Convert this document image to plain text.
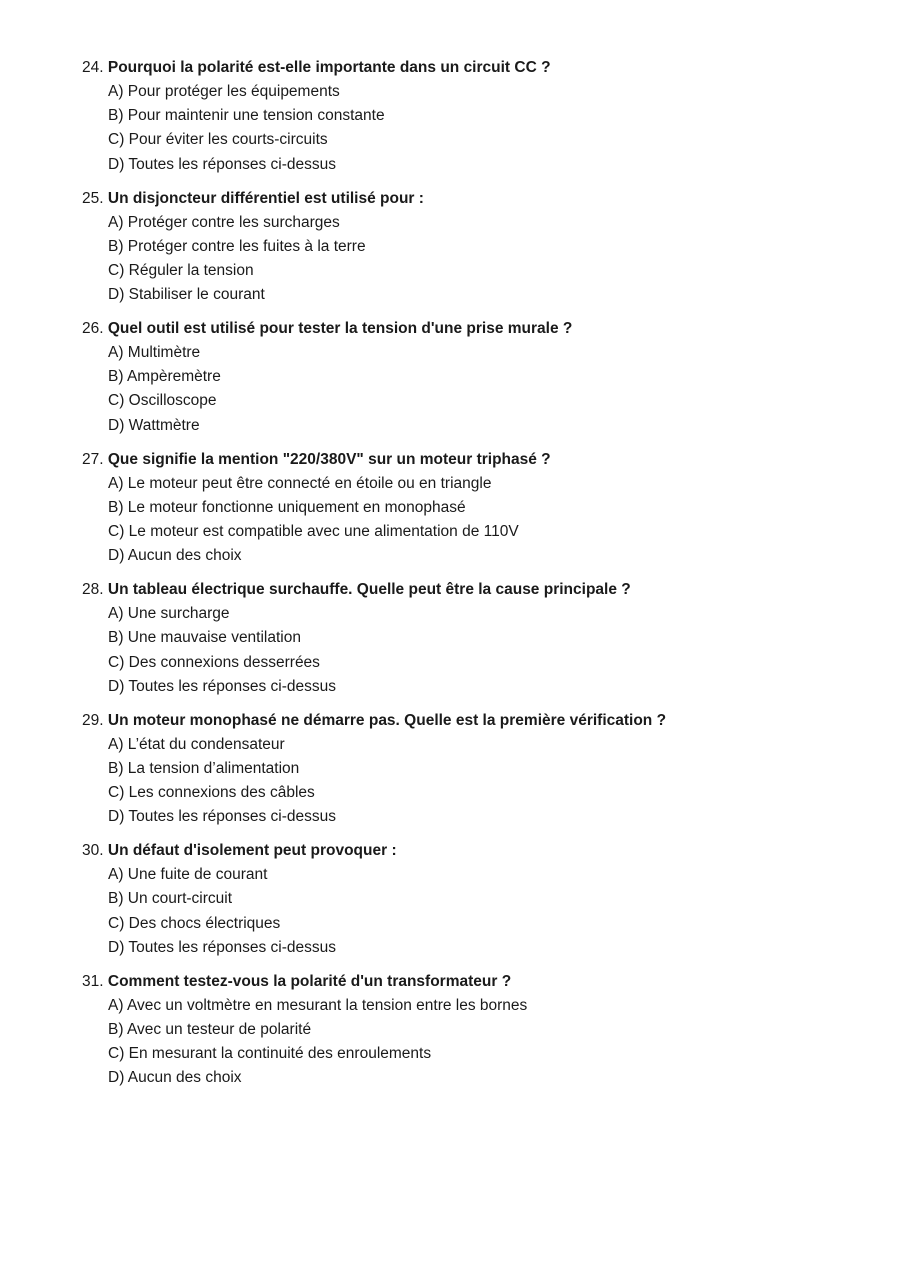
24. Pourquoi la polarité est-elle importante dans un circuit CC ?
A) Pour protéger les équipements
B) Pour maintenir une tension constante
C) Pour éviter les courts-circuits
D) Toutes les réponses ci-dessus
25. Un disjoncteur différentiel est utilisé pour :
A) Protéger contre les surcharges
B) Protéger contre les fuites à la terre
C) Réguler la tension
D) Stabiliser le courant
26. Quel outil est utilisé pour tester la tension d'une prise murale ?
A) Multimètre
B) Ampèremètre
C) Oscilloscope
D) Wattmètre
27. Que signifie la mention "220/380V" sur un moteur triphasé ?
A) Le moteur peut être connecté en étoile ou en triangle
B) Le moteur fonctionne uniquement en monophasé
C) Le moteur est compatible avec une alimentation de 110V
D) Aucun des choix
28. Un tableau électrique surchauffe. Quelle peut être la cause principale ?
A) Une surcharge
B) Une mauvaise ventilation
C) Des connexions desserrées
D) Toutes les réponses ci-dessus
29. Un moteur monophasé ne démarre pas. Quelle est la première vérification ?
A) L’état du condensateur
B) La tension d’alimentation
C) Les connexions des câbles
D) Toutes les réponses ci-dessus
30. Un défaut d'isolement peut provoquer :
A) Une fuite de courant
B) Un court-circuit
C) Des chocs électriques
D) Toutes les réponses ci-dessus
31. Comment testez-vous la polarité d'un transformateur ?
A) Avec un voltmètre en mesurant la tension entre les bornes
B) Avec un testeur de polarité
C) En mesurant la continuité des enroulements
D) Aucun des choix
